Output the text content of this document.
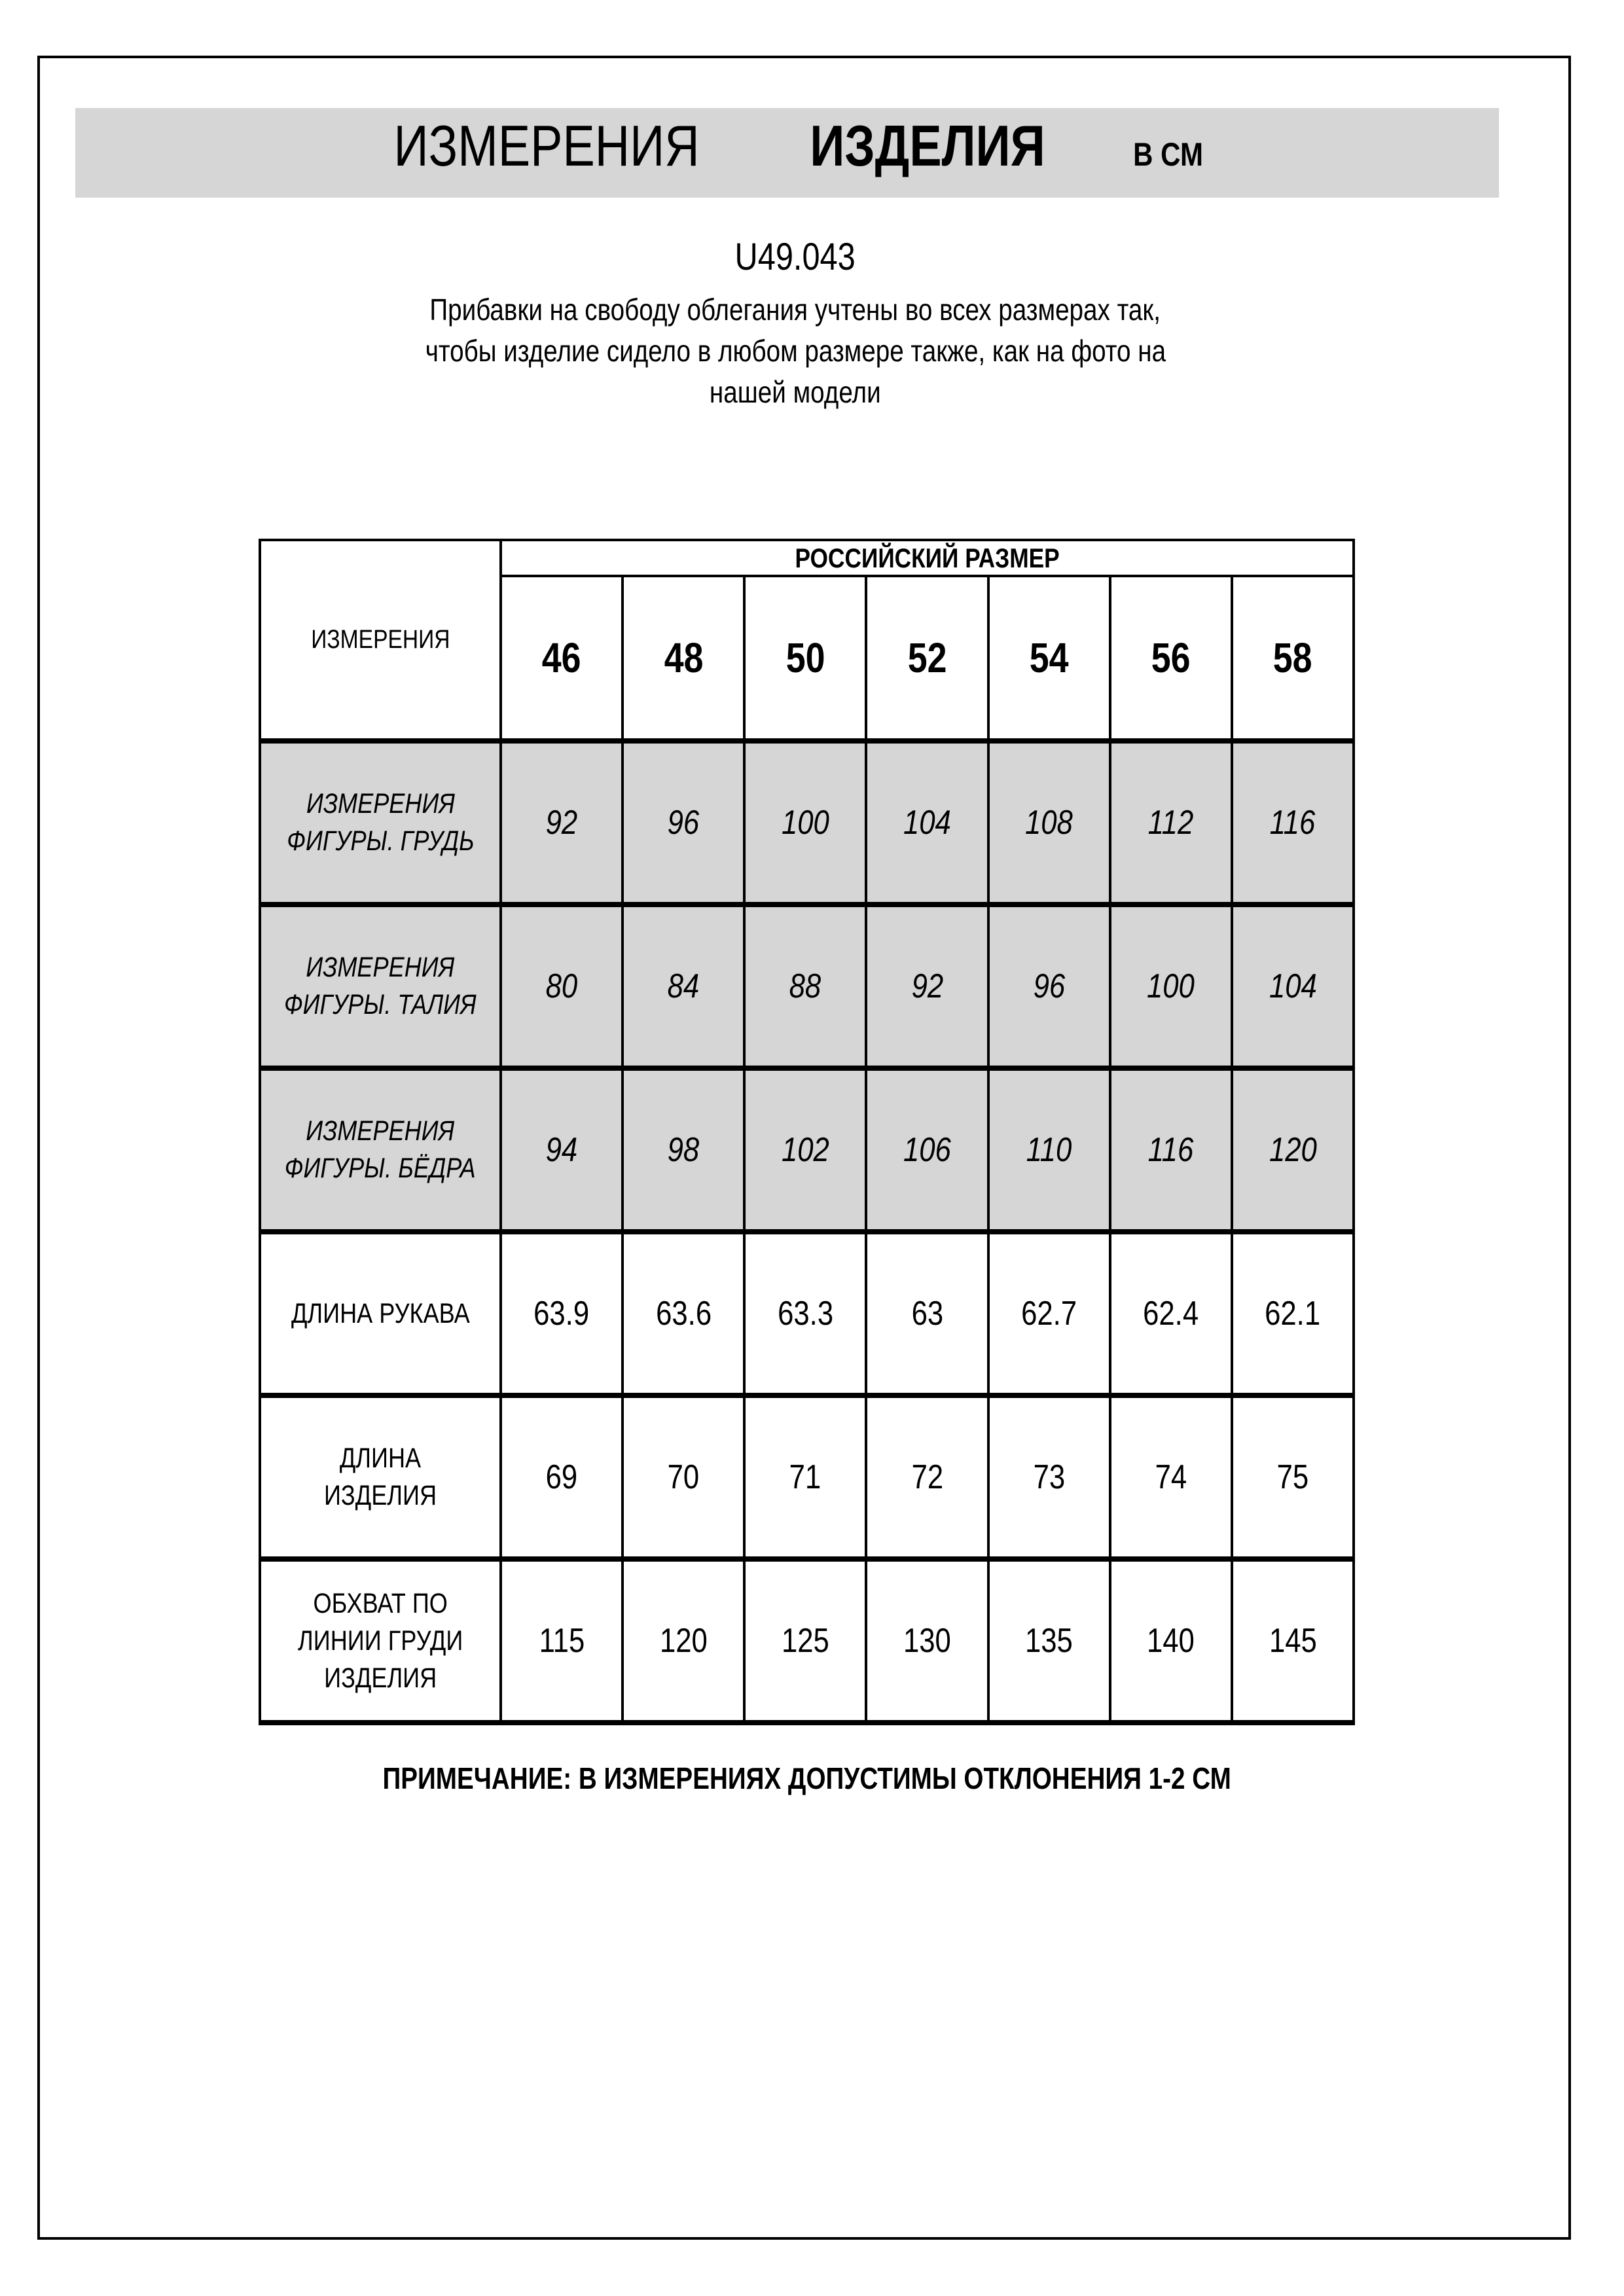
ИЗМЕРЕНИЯ ИЗДЕЛИЯ	В СМ
U49.043
Прибавки на свободу облегания учтены во всех размерах так,
чтобы изделие сидело в любом размере также, как на фото на
нашей модели
ИЗМЕРЕНИЯ	РОССИЙСКИЙ РАЗМЕР						
	46	48	50	52	54	56	58

ИЗМЕРЕНИЯ
ФИГУРЫ. ГРУДЬ	92	96	100	104	108	112	116

ИЗМЕРЕНИЯ
ФИГУРЫ. ТАЛИЯ	80	84	88	92	96	100	104

ИЗМЕРЕНИЯ
ФИГУРЫ. БЁДРА	94	98	102	106	110	116	120

ДЛИНА РУКАВА	63.9	63.6	63.3	63	62.7	62.4	62.1

ДЛИНА ИЗДЕЛИЯ	69	70	71	72	73	74	75

ОБХВАТ ПО
ЛИНИИ ГРУДИ
ИЗДЕЛИЯ	115	120	125	130	135	140	145
ПРИМЕЧАНИЕ: В ИЗМЕРЕНИЯХ ДОПУСТИМЫ ОТКЛОНЕНИЯ 1-2 СМ
